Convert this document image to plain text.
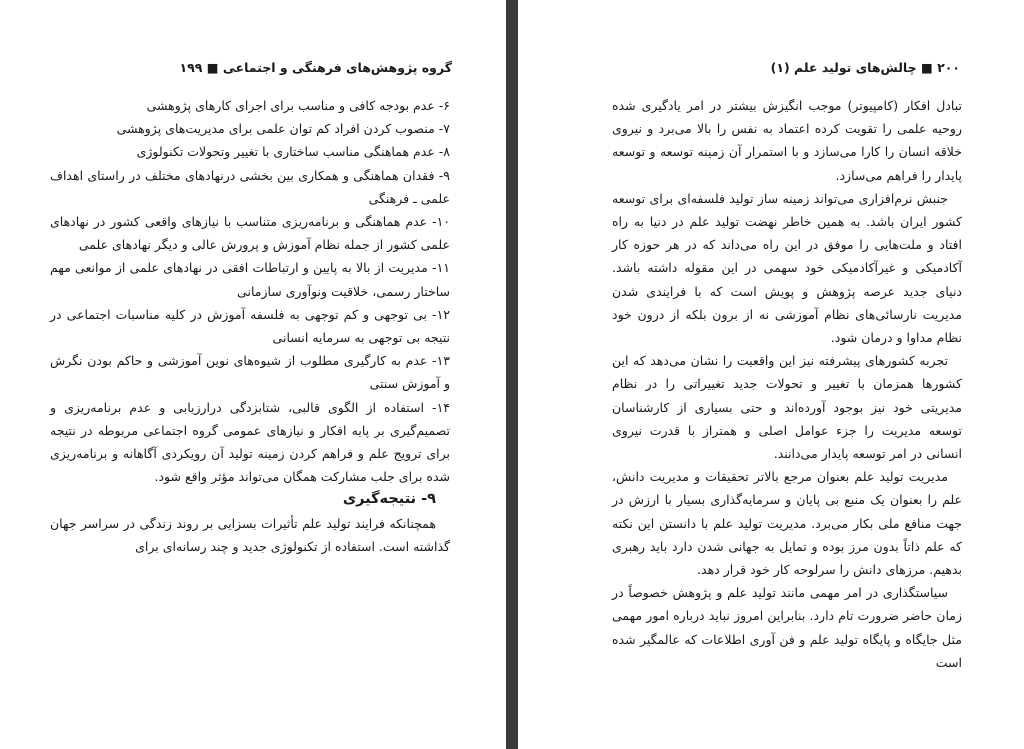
گروه پژوهش‌های فرهنگی و اجتماعی ■ ۱۹۹

۶- عدم بودجه کافی و مناسب برای اجرای کارهای پژوهشی

۷- منصوب کردن افراد کم توان علمی برای مدیریت‌های پژوهشی

۸- عدم هماهنگی مناسب ساختاری با تغییر وتحولات تکنولوژی

۹- فقدان هماهنگی و همکاری بین بخشی درنهادهای مختلف در راستای اهداف علمی ـ فرهنگی

۱۰- عدم هماهنگی و برنامه‌ریزی متناسب با نیازهای واقعی کشور در نهادهای علمی کشور از جمله نظام آموزش و پرورش عالی و دیگر نهادهای علمی

۱۱- مدیریت از بالا به پایین و ارتباطات افقی در نهادهای علمی از موانعی مهم ساختار رسمی، خلاقیت ونوآوری سازمانی

۱۲- بی توجهی و کم توجهی به فلسفه آموزش در کلیه مناسبات اجتماعی در نتیجه بی توجهی به سرمایه انسانی

۱۳- عدم به کارگیری مطلوب از شیوه‌های نوین آموزشی و حاکم بودن نگرش و آموزش سنتی

۱۴- استفاده از الگوی قالبی، شتابزدگی درارزیابی و عدم برنامه‌ریزی و تصمیم‌گیری بر پایه افکار و نیازهای عمومی گروه اجتماعی مربوطه در نتیجه برای ترویج علم و فراهم کردن زمینه تولید آن رویکردی آگاهانه و برنامه‌ریزی شده برای جلب مشارکت همگان می‌تواند مؤثر واقع شود.

۹- نتیجه‌گیری

همچنانکه فرایند تولید علم تأثیرات بسزایی بر روند زندگی در سراسر جهان گذاشته است. استفاده از تکنولوژی جدید و چند رسانه‌ای برای

۲۰۰ ■ چالش‌های تولید علم (۱)

تبادل افکار (کامپیوتر) موجب انگیزش بیشتر در امر یادگیری شده روحیه علمی را تقویت کرده اعتماد به نفس را بالا می‌برد و نیروی خلاقه انسان را کارا می‌سازد و با استمرار آن زمینه توسعه و توسعه پایدار را فراهم می‌سازد.

جنبش نرم‌افزاری می‌تواند زمینه ساز تولید فلسفه‌ای برای توسعه کشور ایران باشد. به همین خاطر نهضت تولید علم در دنیا به راه افتاد و ملت‌هایی را موفق در این راه می‌داند که در هر حوزه کار آکادمیکی و غیرآکادمیکی خود سهمی در این مقوله داشته باشد. دنیای جدید عرصه پژوهش و پویش است که با فرایندی شدن مدیریت نارسائی‌های نظام آموزشی نه از برون بلکه از درون خود نظام مداوا و درمان شود.

تجربه کشورهای پیشرفته نیز این واقعیت را نشان می‌دهد که این کشورها همزمان با تغییر و تحولات جدید تغییراتی را در نظام مدیریتی خود نیز بوجود آورده‌اند و حتی بسیاری از کارشناسان توسعه مدیریت را جزء عوامل اصلی و همتراز با قدرت نیروی انسانی در امر توسعه پایدار می‌دانند.

مدیریت تولید علم بعنوان مرجع بالاتر تحقیقات و مدیریت دانش، علم را بعنوان یک منبع بی پایان و سرمایه‌گذاری بسیار با ارزش در جهت منافع ملی بکار می‌برد. مدیریت تولید علم با دانستن این نکته که علم ذاتاً بدون مرز بوده و تمایل به جهانی شدن دارد باید رهبری بدهیم. مرزهای دانش را سرلوحه کار خود قرار دهد.

سیاستگذاری در امر مهمی مانند تولید علم و پژوهش خصوصاً در زمان حاضر ضرورت تام دارد. بنابراین امروز نباید درباره امور مهمی مثل جایگاه و پایگاه تولید علم و فن آوری اطلاعات که عالمگیر شده است
